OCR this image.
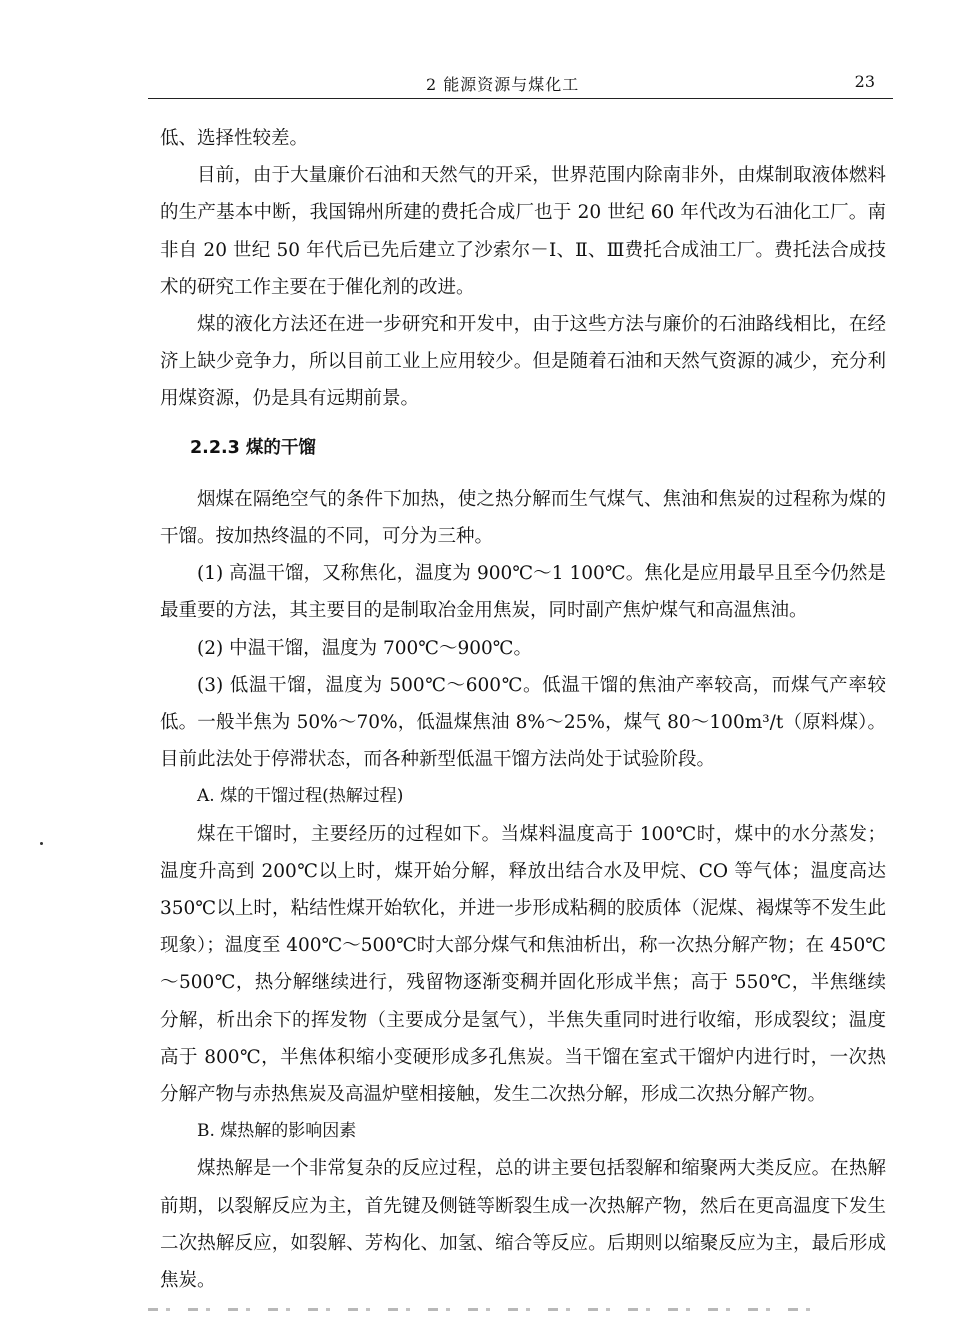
2 能源资源与煤化工	23

低、选择性较差。

目前，由于大量廉价石油和天然气的开采，世界范围内除南非外，由煤制取液体燃料的生产基本中断，我国锦州所建的费托合成厂也于 20 世纪 60 年代改为石油化工厂。南非自 20 世纪 50 年代后已先后建立了沙索尔－Ⅰ、Ⅱ、Ⅲ费托合成油工厂。费托法合成技术的研究工作主要在于催化剂的改进。

煤的液化方法还在进一步研究和开发中，由于这些方法与廉价的石油路线相比，在经济上缺少竞争力，所以目前工业上应用较少。但是随着石油和天然气资源的减少，充分利用煤资源，仍是具有远期前景。

2.2.3 煤的干馏

烟煤在隔绝空气的条件下加热，使之热分解而生气煤气、焦油和焦炭的过程称为煤的干馏。按加热终温的不同，可分为三种。

(1) 高温干馏，又称焦化，温度为 900℃～1 100℃。焦化是应用最早且至今仍然是最重要的方法，其主要目的是制取冶金用焦炭，同时副产焦炉煤气和高温焦油。

(2) 中温干馏，温度为 700℃～900℃。

(3) 低温干馏，温度为 500℃～600℃。低温干馏的焦油产率较高，而煤气产率较低。一般半焦为 50%～70%，低温煤焦油 8%～25%，煤气 80～100m³/t（原料煤）。目前此法处于停滞状态，而各种新型低温干馏方法尚处于试验阶段。

A. 煤的干馏过程(热解过程)

煤在干馏时，主要经历的过程如下。当煤料温度高于 100℃时，煤中的水分蒸发；温度升高到 200℃以上时，煤开始分解，释放出结合水及甲烷、CO 等气体；温度高达 350℃以上时，粘结性煤开始软化，并进一步形成粘稠的胶质体（泥煤、褐煤等不发生此现象）；温度至 400℃～500℃时大部分煤气和焦油析出，称一次热分解产物；在 450℃～500℃，热分解继续进行，残留物逐渐变稠并固化形成半焦；高于 550℃，半焦继续分解，析出余下的挥发物（主要成分是氢气），半焦失重同时进行收缩，形成裂纹；温度高于 800℃，半焦体积缩小变硬形成多孔焦炭。当干馏在室式干馏炉内进行时，一次热分解产物与赤热焦炭及高温炉壁相接触，发生二次热分解，形成二次热分解产物。

B. 煤热解的影响因素

煤热解是一个非常复杂的反应过程，总的讲主要包括裂解和缩聚两大类反应。在热解前期，以裂解反应为主，首先键及侧链等断裂生成一次热解产物，然后在更高温度下发生二次热解反应，如裂解、芳构化、加氢、缩合等反应。后期则以缩聚反应为主，最后形成焦炭。
